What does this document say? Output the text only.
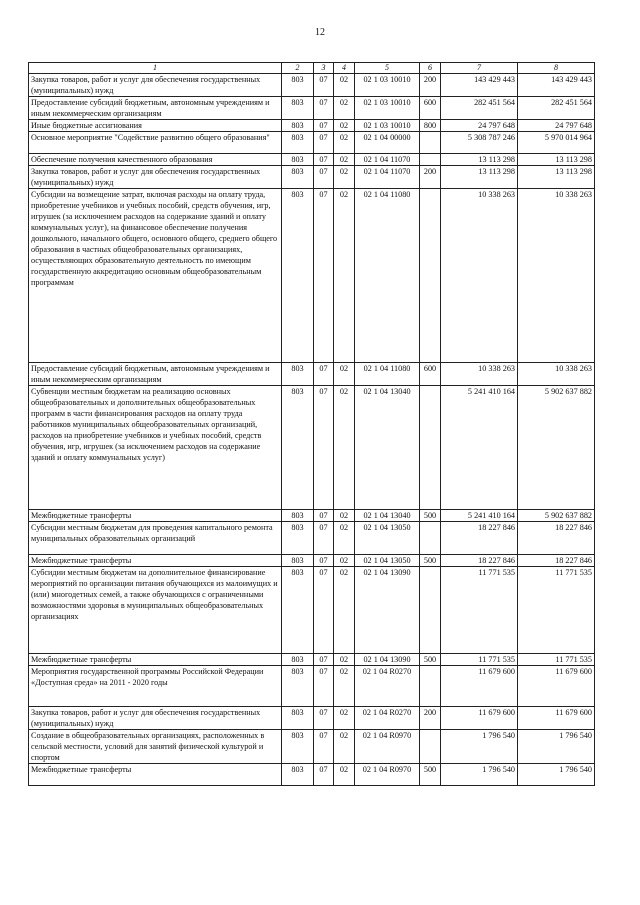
12
1	2	3	4	5	6	7	8
Закупка товаров, работ и услуг для обеспечения государственных (муниципальных) нужд	803	07	02	02 1 03 10010	200	143 429 443	143 429 443
Предоставление субсидий бюджетным, автономным учреждениям и иным некоммерческим организациям	803	07	02	02 1 03 10010	600	282 451 564	282 451 564
Иные бюджетные ассигнования	803	07	02	02 1 03 10010	800	24 797 648	24 797 648
Основное мероприятие "Содействие развитию общего образования"	803	07	02	02 1 04 00000		5 308 787 246	5 970 014 964
Обеспечение получения качественного образования	803	07	02	02 1 04 11070		13 113 298	13 113 298
Закупка товаров, работ и услуг для обеспечения государственных (муниципальных) нужд	803	07	02	02 1 04 11070	200	13 113 298	13 113 298
Субсидии на возмещение затрат, включая расходы на оплату труда, приобретение учебников и учебных пособий, средств обучения, игр, игрушек (за исключением расходов на содержание зданий и оплату коммунальных услуг), на финансовое обеспечение получения дошкольного, начального общего, основного общего, среднего общего образования в частных общеобразовательных организациях, осуществляющих образовательную деятельность по имеющим государственную аккредитацию основным общеобразовательным программам	803	07	02	02 1 04 11080		10 338 263	10 338 263
Предоставление субсидий бюджетным, автономным учреждениям и иным некоммерческим организациям	803	07	02	02 1 04 11080	600	10 338 263	10 338 263
Субвенции местным бюджетам на реализацию основных общеобразовательных и дополнительных общеобразовательных программ в части финансирования расходов на оплату труда работников муниципальных общеобразовательных организаций, расходов на приобретение учебников и учебных пособий, средств обучения, игр, игрушек (за исключением расходов на содержание зданий и оплату коммунальных услуг)	803	07	02	02 1 04 13040		5 241 410 164	5 902 637 882
Межбюджетные трансферты	803	07	02	02 1 04 13040	500	5 241 410 164	5 902 637 882
Субсидии местным бюджетам для проведения капитального ремонта муниципальных образовательных организаций	803	07	02	02 1 04 13050		18 227 846	18 227 846
Межбюджетные трансферты	803	07	02	02 1 04 13050	500	18 227 846	18 227 846
Субсидии местным бюджетам на дополнительное финансирование мероприятий по организации питания обучающихся из малоимущих и (или) многодетных семей, а также обучающихся с ограниченными возможностями здоровья в муниципальных общеобразовательных организациях	803	07	02	02 1 04 13090		11 771 535	11 771 535
Межбюджетные трансферты	803	07	02	02 1 04 13090	500	11 771 535	11 771 535
Мероприятия государственной программы Российской Федерации «Доступная среда» на 2011 - 2020 годы	803	07	02	02 1 04 R0270		11 679 600	11 679 600
Закупка товаров, работ и услуг для обеспечения государственных (муниципальных) нужд	803	07	02	02 1 04 R0270	200	11 679 600	11 679 600
Создание в общеобразовательных организациях, расположенных в сельской местности, условий для занятий физической культурой и спортом	803	07	02	02 1 04 R0970		1 796 540	1 796 540
Межбюджетные трансферты	803	07	02	02 1 04 R0970	500	1 796 540	1 796 540
